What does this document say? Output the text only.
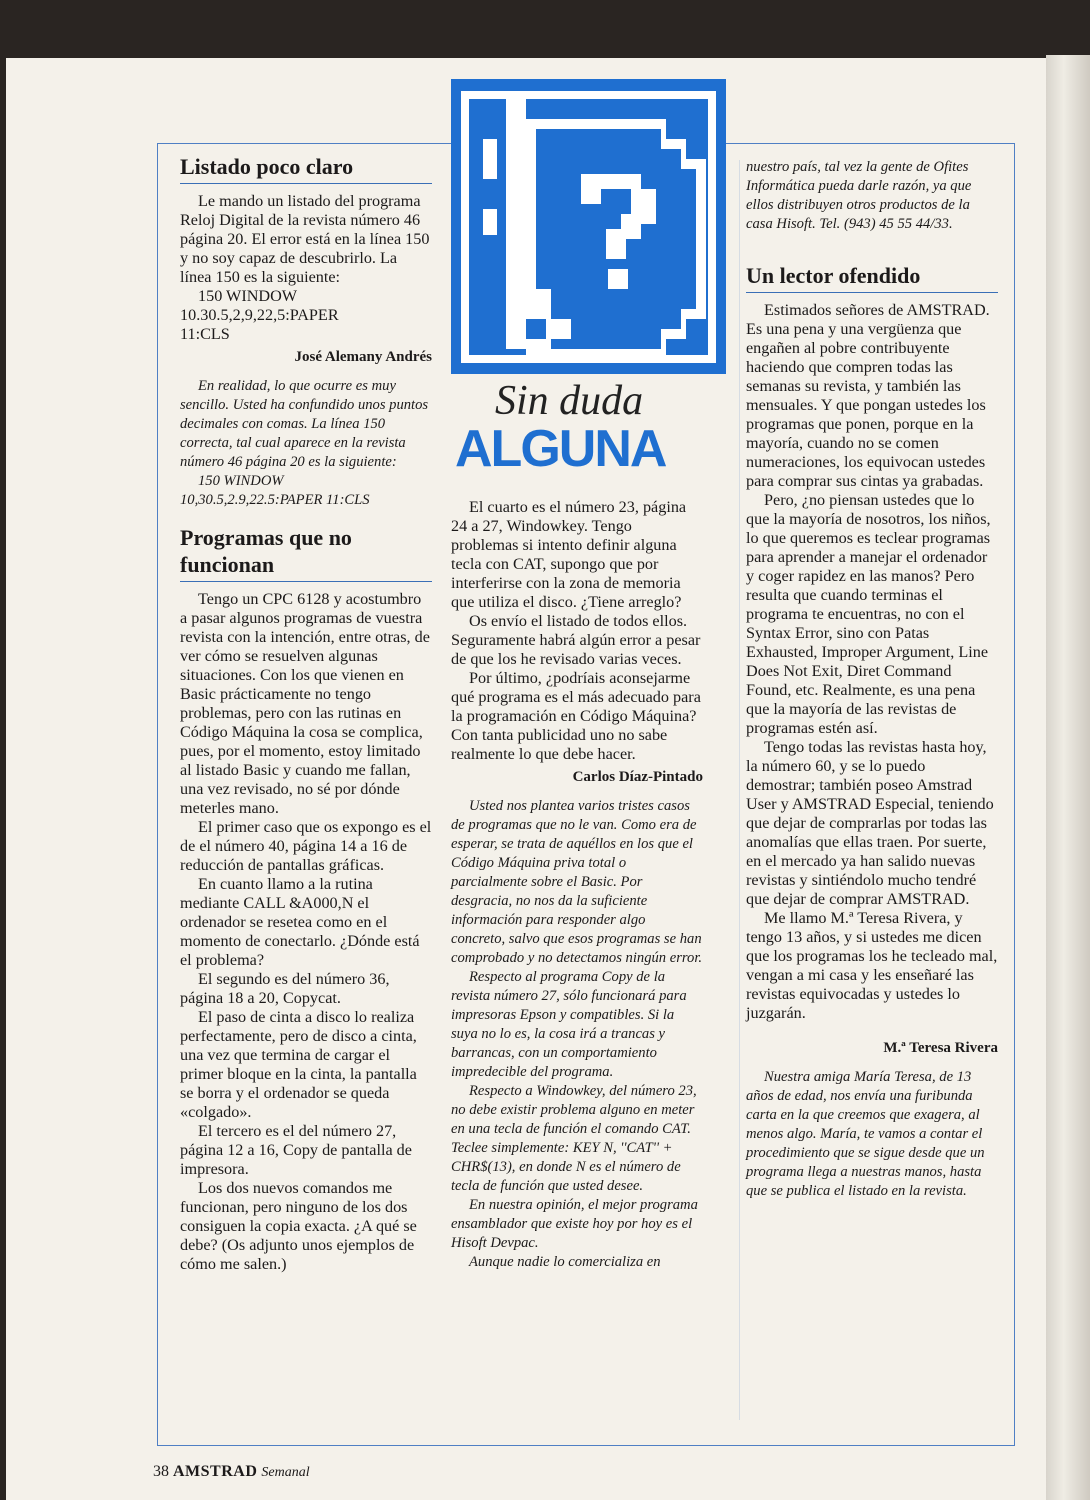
Listado poco claro

Le mando un listado del programa Reloj Digital de la revista número 46 página 20. El error está en la línea 150 y no soy capaz de descubrirlo. La línea 150 es la siguiente:

150 WINDOW

10.30.5,2,9,22,5:PAPER

11:CLS

José Alemany Andrés

En realidad, lo que ocurre es muy sencillo. Usted ha confundido unos puntos decimales con comas. La línea 150 correcta, tal cual aparece en la revista número 46 página 20 es la siguiente:

150 WINDOW

10,30.5,2.9,22.5:PAPER 11:CLS

Programas que no funcionan

Tengo un CPC 6128 y acostumbro a pasar algunos programas de vuestra revista con la intención, entre otras, de ver cómo se resuelven algunas situaciones. Con los que vienen en Basic prácticamente no tengo problemas, pero con las rutinas en Código Máquina la cosa se complica, pues, por el momento, estoy limitado al listado Basic y cuando me fallan, una vez revisado, no sé por dónde meterles mano.

El primer caso que os expongo es el de el número 40, página 14 a 16 de reducción de pantallas gráficas.

En cuanto llamo a la rutina mediante CALL &A000,N el ordenador se resetea como en el momento de conectarlo. ¿Dónde está el problema?

El segundo es del número 36, página 18 a 20, Copycat.

El paso de cinta a disco lo realiza perfectamente, pero de disco a cinta, una vez que termina de cargar el primer bloque en la cinta, la pantalla se borra y el ordenador se queda «colgado».

El tercero es el del número 27, página 12 a 16, Copy de pantalla de impresora.

Los dos nuevos comandos me funcionan, pero ninguno de los dos consiguen la copia exacta. ¿A qué se debe? (Os adjunto unos ejemplos de cómo me salen.)

Sin duda
ALGUNA

El cuarto es el número 23, página 24 a 27, Windowkey. Tengo problemas si intento definir alguna tecla con CAT, supongo que por interferirse con la zona de memoria que utiliza el disco. ¿Tiene arreglo?

Os envío el listado de todos ellos. Seguramente habrá algún error a pesar de que los he revisado varias veces.

Por último, ¿podríais aconsejarme qué programa es el más adecuado para la programación en Código Máquina? Con tanta publicidad uno no sabe realmente lo que debe hacer.

Carlos Díaz-Pintado

Usted nos plantea varios tristes casos de programas que no le van. Como era de esperar, se trata de aquéllos en los que el Código Máquina priva total o parcialmente sobre el Basic. Por desgracia, no nos da la suficiente información para responder algo concreto, salvo que esos programas se han comprobado y no detectamos ningún error.

Respecto al programa Copy de la revista número 27, sólo funcionará para impresoras Epson y compatibles. Si la suya no lo es, la cosa irá a trancas y barrancas, con un comportamiento impredecible del programa.

Respecto a Windowkey, del número 23, no debe existir problema alguno en meter en una tecla de función el comando CAT. Teclee simplemente: KEY N, ''CAT'' + CHR$(13), en donde N es el número de tecla de función que usted desee.

En nuestra opinión, el mejor programa ensamblador que existe hoy por hoy es el Hisoft Devpac.

Aunque nadie lo comercializa en

nuestro país, tal vez la gente de Ofites Informática pueda darle razón, ya que ellos distribuyen otros productos de la casa Hisoft. Tel. (943) 45 55 44/33.

Un lector ofendido

Estimados señores de AMSTRAD. Es una pena y una vergüenza que engañen al pobre contribuyente haciendo que compren todas las semanas su revista, y también las mensuales. Y que pongan ustedes los programas que ponen, porque en la mayoría, cuando no se comen numeraciones, los equivocan ustedes para comprar sus cintas ya grabadas.

Pero, ¿no piensan ustedes que lo que la mayoría de nosotros, los niños, lo que queremos es teclear programas para aprender a manejar el ordenador y coger rapidez en las manos? Pero resulta que cuando terminas el programa te encuentras, no con el Syntax Error, sino con Patas Exhausted, Improper Argument, Line Does Not Exit, Diret Command Found, etc. Realmente, es una pena que la mayoría de las revistas de programas estén así.

Tengo todas las revistas hasta hoy, la número 60, y se lo puedo demostrar; también poseo Amstrad User y AMSTRAD Especial, teniendo que dejar de comprarlas por todas las anomalías que ellas traen. Por suerte, en el mercado ya han salido nuevas revistas y sintiéndolo mucho tendré que dejar de comprar AMSTRAD.

Me llamo M.ª Teresa Rivera, y tengo 13 años, y si ustedes me dicen que los programas los he tecleado mal, vengan a mi casa y les enseñaré las revistas equivocadas y ustedes lo juzgarán.

M.ª Teresa Rivera

Nuestra amiga María Teresa, de 13 años de edad, nos envía una furibunda carta en la que creemos que exagera, al menos algo. María, te vamos a contar el procedimiento que se sigue desde que un programa llega a nuestras manos, hasta que se publica el listado en la revista.

38 AMSTRAD Semanal
